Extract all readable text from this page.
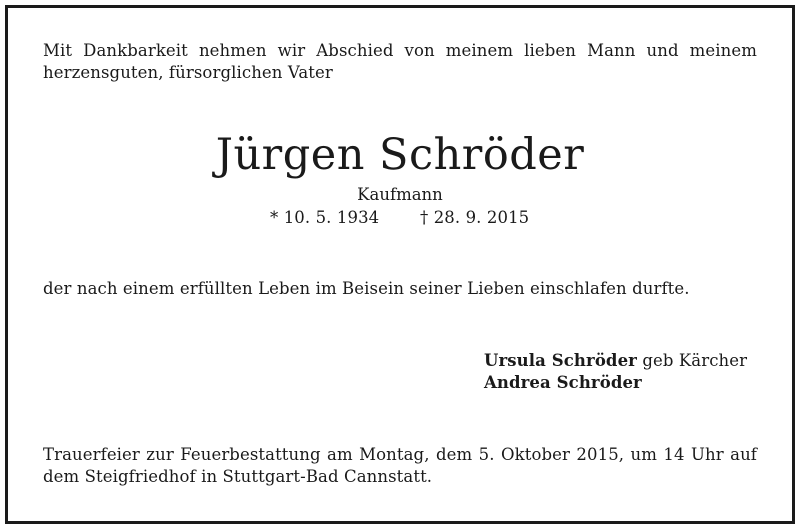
Mit Dankbarkeit nehmen wir Abschied von meinem lieben Mann und meinem
herzensguten, fürsorglichen Vater
Jürgen Schröder
Kaufmann
* 10. 5. 1934 † 28. 9. 2015
der nach einem erfüllten Leben im Beisein seiner Lieben einschlafen durfte.
Ursula Schröder geb Kärcher
Andrea Schröder
Trauerfeier zur Feuerbestattung am Montag, dem 5. Oktober 2015, um 14 Uhr auf
dem Steigfriedhof in Stuttgart-Bad Cannstatt.
